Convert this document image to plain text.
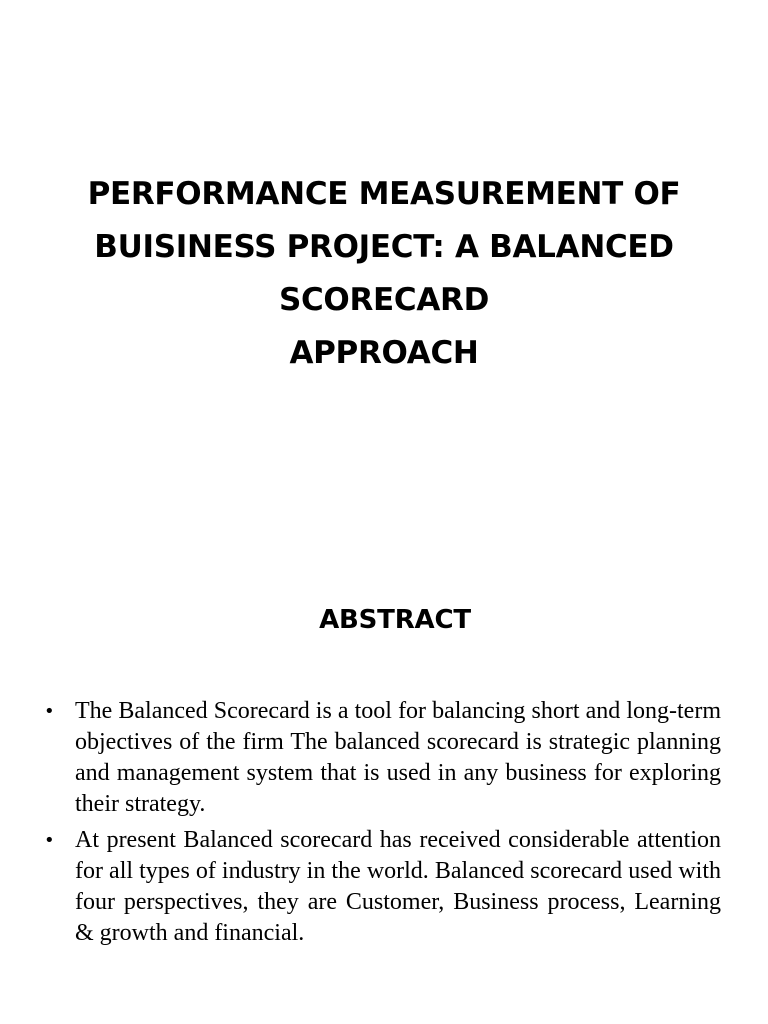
PERFORMANCE MEASUREMENT OF
BUISINESS PROJECT: A BALANCED
SCORECARD
APPROACH
ABSTRACT
• The Balanced Scorecard is a tool for balancing short and long-term objectives of the firm The balanced scorecard is strategic planning and management system that is used in any business for exploring their strategy.
• At present Balanced scorecard has received considerable attention for all types of industry in the world. Balanced scorecard used with four perspectives, they are Customer, Business process, Learning & growth and financial.
